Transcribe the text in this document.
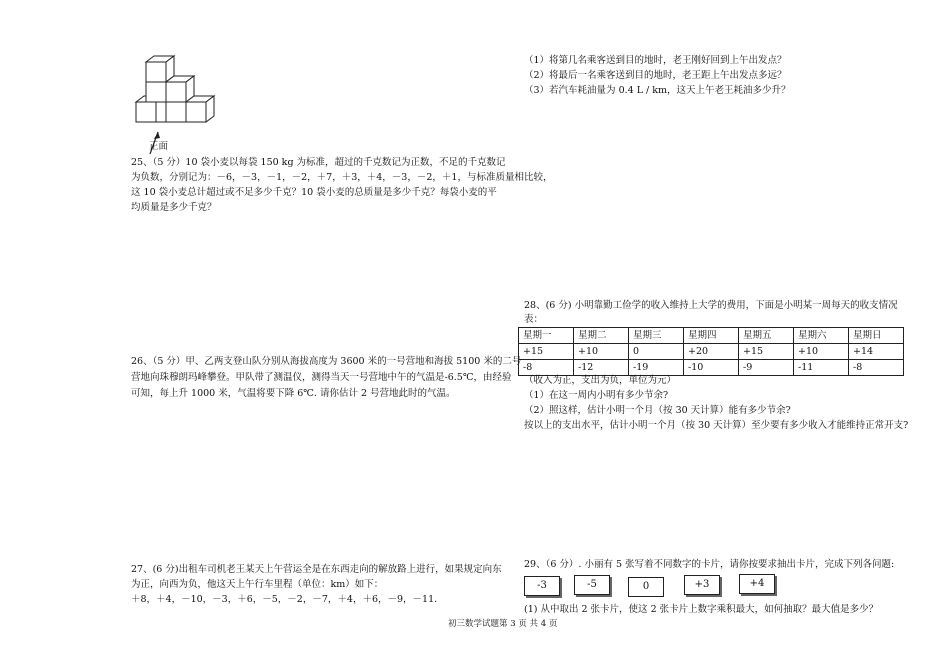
正面
25、（5 分）10 袋小麦以每袋 150 kg 为标准，超过的千克数记为正数，不足的千克数记
为负数，分别记为：－6，－3，－1，－2，＋7，＋3，＋4，－3，－2，＋1，与标准质量相比较，
这 10 袋小麦总计超过或不足多少千克？10 袋小麦的总质量是多少千克？每袋小麦的平
均质量是多少千克？
26、（5 分）甲、乙两支登山队分别从海拔高度为 3600 米的一号营地和海拔 5100 米的二号
营地向珠穆朗玛峰攀登。甲队带了测温仪，测得当天一号营地中午的气温是-6.5℃，由经验
可知，每上升 1000 米，气温将要下降 6℃. 请你估计 2 号营地此时的气温。
27、(6 分)出租车司机老王某天上午营运全是在东西走向的解放路上进行，如果规定向东
为正，向西为负，他这天上午行车里程（单位：km）如下：
＋8，＋4，－10，－3，＋6，－5，－2，－7，＋4，＋6，－9，－11.
（1）将第几名乘客送到目的地时，老王刚好回到上午出发点？
（2）将最后一名乘客送到目的地时，老王距上午出发点多远？
（3）若汽车耗油量为 0.4 L / km，这天上午老王耗油多少升？
28、(6 分) 小明靠勤工俭学的收入维持上大学的费用，下面是小明某一周每天的收支情况
表：
星期一	星期二	星期三	星期四	星期五	星期六	星期日
+15	+10	0	+20	+15	+10	+14
-8	-12	-19	-10	-9	-11	-8
（收入为正，支出为负，单位为元）
（1）在这一周内小明有多少节余?
（2）照这样，估计小明一个月（按 30 天计算）能有多少节余?
按以上的支出水平，估计小明一个月（按 30 天计算）至少要有多少收入才能维持正常开支?
29、（6 分）. 小丽有 5 张写着不同数字的卡片，请你按要求抽出卡片，完成下列各问题:
-3	-5	0	+3	+4
(1) 从中取出 2 张卡片，使这 2 张卡片上数字乘积最大，如何抽取？最大值是多少？
初三数学试题第 3 页 共 4 页
